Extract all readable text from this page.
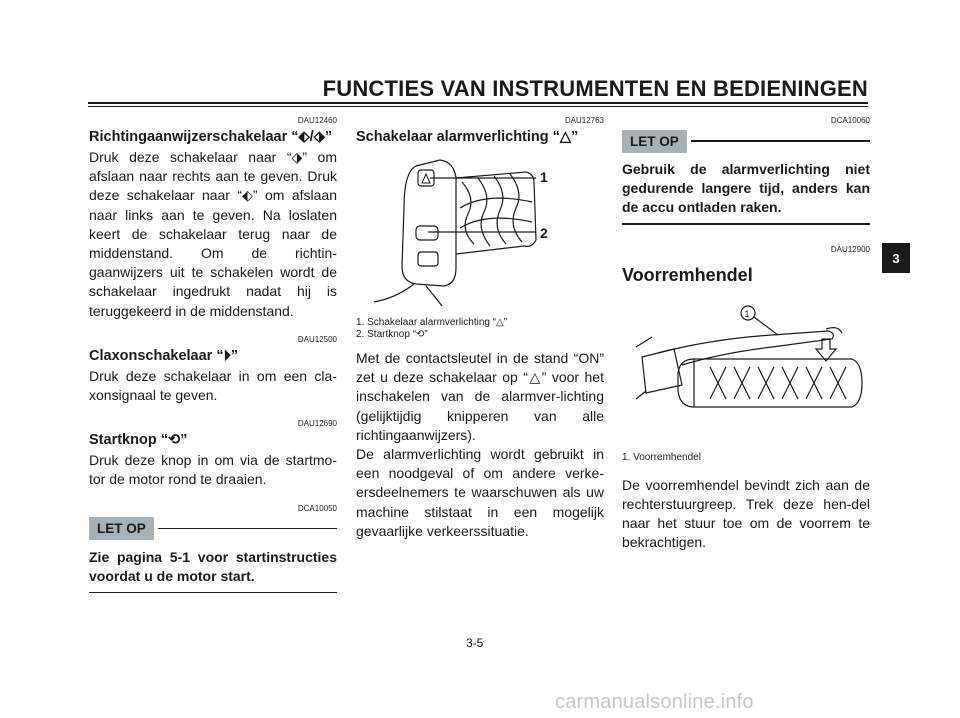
FUNCTIES VAN INSTRUMENTEN EN BEDIENINGEN
3

DAU12460

Richtingaanwijzerschakelaar “⬖/⬗”

Druk deze schakelaar naar “⬗” om afslaan naar rechts aan te geven. Druk deze schakelaar naar “⬖” om afslaan naar links aan te geven. Na loslaten keert de schakelaar terug naar de middenstand. Om de richtin-gaanwijzers uit te schakelen wordt de schakelaar ingedrukt nadat hij is teruggekeerd in de middenstand.

DAU12500

Claxonschakelaar “⏵”

Druk deze schakelaar in om een cla-xonsignaal te geven.

DAU12690

Startknop “⟲”

Druk deze knop in om via de startmo-tor de motor rond te draaien.

DCA10050

LET OP

Zie pagina 5-1 voor startinstructies voordat u de motor start.

DAU12763

Schakelaar alarmverlichting “△”
1
2

1. Schakelaar alarmverlichting “△”

2. Startknop “⟲”

Met de contactsleutel in de stand “ON” zet u deze schakelaar op “△” voor het inschakelen van de alarmver-lichting (gelijktijdig knipperen van alle richtingaanwijzers).
De alarmverlichting wordt gebruikt in een noodgeval of om andere verke-ersdeelnemers te waarschuwen als uw machine stilstaat in een mogelijk gevaarlijke verkeerssituatie.

DCA10060

LET OP

Gebruik de alarmverlichting niet gedurende langere tijd, anders kan de accu ontladen raken.

DAU12900

Voorremhendel
1

1. Voorremhendel

De voorremhendel bevindt zich aan de rechterstuurgreep. Trek deze hen-del naar het stuur toe om de voorrem te bekrachtigen.

3-5
carmanualsonline.info
